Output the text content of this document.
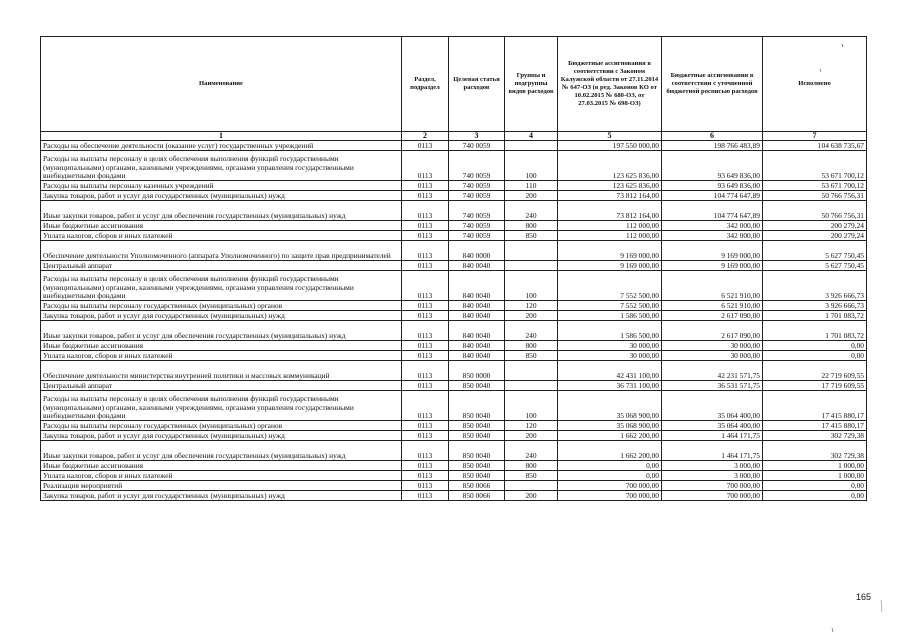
Наименование	Раздел, подраздел	Целевая статья расходов	Группы и подгруппы видов расходов	Бюджетные ассигнования в соответствии с Законом Калужской области от 27.11.2014 № 647-ОЗ (в ред. Законов КО от 10.02.2015 № 680-ОЗ, от 27.03.2015 № 698-ОЗ)	Бюджетные ассигнования в соответствии с уточненной бюджетной росписью расходов	Исполнено
1	2	3	4	5	6	7
Расходы на обеспечение деятельности (оказание услуг) государственных учреждений	0113	740 0059		197 550 000,00	198 766 483,89	104 638 735,67
Расходы на выплаты персоналу в целях обеспечения выполнения функций государственными (муниципальными) органами, казенными учреждениями, органами управления государственными внебюджетными фондами	0113	740 0059	100	123 625 836,00	93 649 836,00	53 671 700,12
Расходы на выплаты персоналу казенных учреждений	0113	740 0059	110	123 625 836,00	93 649 836,00	53 671 700,12
Закупка товаров, работ и услуг для государственных (муниципальных) нужд	0113	740 0059	200	73 812 164,00	104 774 647,89	50 766 756,31
Иные закупки товаров, работ и услуг для обеспечения государственных (муниципальных) нужд	0113	740 0059	240	73 812 164,00	104 774 647,89	50 766 756,31
Иные бюджетные ассигнования	0113	740 0059	800	112 000,00	342 000,00	200 279,24
Уплата налогов, сборов и иных платежей	0113	740 0059	850	112 000,00	342 000,00	200 279,24
Обеспечение деятельности Уполномоченного (аппарата Уполномоченного) по защите прав предпринимателей	0113	840 0000		9 169 000,00	9 169 000,00	5 627 750,45
Центральный аппарат	0113	840 0040		9 169 000,00	9 169 000,00	5 627 750,45
Расходы на выплаты персоналу в целях обеспечения выполнения функций государственными (муниципальными) органами, казенными учреждениями, органами управления государственными внебюджетными фондами	0113	840 0040	100	7 552 500,00	6 521 910,00	3 926 666,73
Расходы на выплаты персоналу государственных (муниципальных) органов	0113	840 0040	120	7 552 500,00	6 521 910,00	3 926 666,73
Закупка товаров, работ и услуг для государственных (муниципальных) нужд	0113	840 0040	200	1 586 500,00	2 617 090,00	1 701 083,72
Иные закупки товаров, работ и услуг для обеспечения государственных (муниципальных) нужд	0113	840 0040	240	1 586 500,00	2 617 090,00	1 701 083,72
Иные бюджетные ассигнования	0113	840 0040	800	30 000,00	30 000,00	0,00
Уплата налогов, сборов и иных платежей	0113	840 0040	850	30 000,00	30 000,00	0,00
Обеспечение деятельности министерства внутренней политики и массовых коммуникаций	0113	850 0000		42 431 100,00	42 231 571,75	22 719 609,55
Центральный аппарат	0113	850 0040		36 731 100,00	36 531 571,75	17 719 609,55
Расходы на выплаты персоналу в целях обеспечения выполнения функций государственными (муниципальными) органами, казенными учреждениями, органами управления государственными внебюджетными фондами	0113	850 0040	100	35 068 900,00	35 064 400,00	17 415 880,17
Расходы на выплаты персоналу государственных (муниципальных) органов	0113	850 0040	120	35 068 900,00	35 064 400,00	17 415 880,17
Закупка товаров, работ и услуг для государственных (муниципальных) нужд	0113	850 0040	200	1 662 200,00	1 464 171,75	302 729,38
Иные закупки товаров, работ и услуг для обеспечения государственных (муниципальных) нужд	0113	850 0040	240	1 662 200,00	1 464 171,75	302 729,38
Иные бюджетные ассигнования	0113	850 0040	800	0,00	3 000,00	1 000,00
Уплата налогов, сборов и иных платежей	0113	850 0040	850	0,00	3 000,00	1 000,00
Реализация мероприятий	0113	850 0066		700 000,00	700 000,00	0,00
Закупка товаров, работ и услуг для государственных (муниципальных) нужд	0113	850 0066	200	700 000,00	700 000,00	0,00
165
